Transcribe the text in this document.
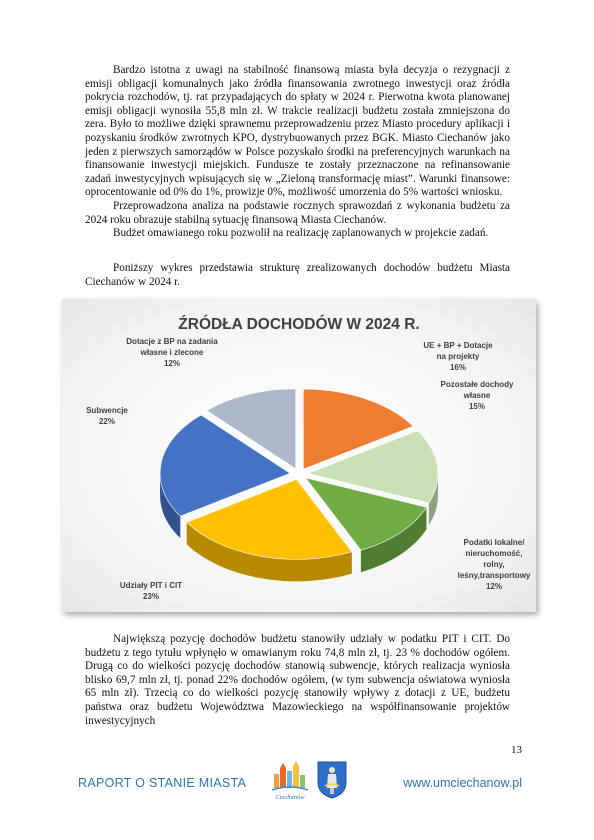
Bardzo istotna z uwagi na stabilność finansową miasta była decyzja o rezygnacji z emisji obligacji komunalnych jako źródła finansowania zwrotnego inwestycji oraz źródła pokrycia rozchodów, tj. rat przypadających do spłaty w 2024 r. Pierwotna kwota planowanej emisji obligacji wynosiła 55,8 mln zł. W trakcie realizacji budżetu została zmniejszona do zera. Było to możliwe dzięki sprawnemu przeprowadzeniu przez Miasto procedury aplikacji i pozyskaniu środków zwrotnych KPO, dystrybuowanych przez BGK. Miasto Ciechanów jako jeden z pierwszych samorządów w Polsce pozyskało środki na preferencyjnych warunkach na finansowanie inwestycji miejskich. Fundusze te zostały przeznaczone na refinansowanie zadań inwestycyjnych wpisujących się w „Zieloną transformację miast”. Warunki finansowe: oprocentowanie od 0% do 1%, prowizje 0%, możliwość umorzenia do 5% wartości wniosku.

Przeprowadzona analiza na podstawie rocznych sprawozdań z wykonania budżetu za 2024 roku obrazuje stabilną sytuację finansową Miasta Ciechanów.

Budżet omawianego roku pozwolił na realizację zaplanowanych w projekcie zadań.

Poniższy wykres przedstawia strukturę zrealizowanych dochodów budżetu Miasta Ciechanów w 2024 r.

ŹRÓDŁA DOCHODÓW W 2024 R.
UE + BP + Dotacje na projekty 16%
Pozostałe dochody własne 15%
Podatki lokalne/ nieruchomość, rolny, leśny,transportowy 12%
Udziały PIT i CIT 23%
Subwencje 22%
Dotacje z BP na zadania własne i zlecone 12%

Największą pozycję dochodów budżetu stanowiły udziały w podatku PIT i CIT. Do budżetu z tego tytułu wpłynęło w omawianym roku 74,8 mln zł, tj. 23 % dochodów ogółem. Drugą co do wielkości pozycję dochodów stanowią subwencje, których realizacja wyniosła blisko 69,7 mln zł, tj. ponad 22% dochodów ogółem, (w tym subwencja oświatowa wyniosła 65 mln zł). Trzecią co do wielkości pozycję stanowiły wpływy z dotacji z UE, budżetu państwa oraz budżetu Województwa Mazowieckiego na współfinansowanie projektów inwestycyjnych

13
RAPORT O STANIE MIASTA
Ciechanów
www.umciechanow.pl
